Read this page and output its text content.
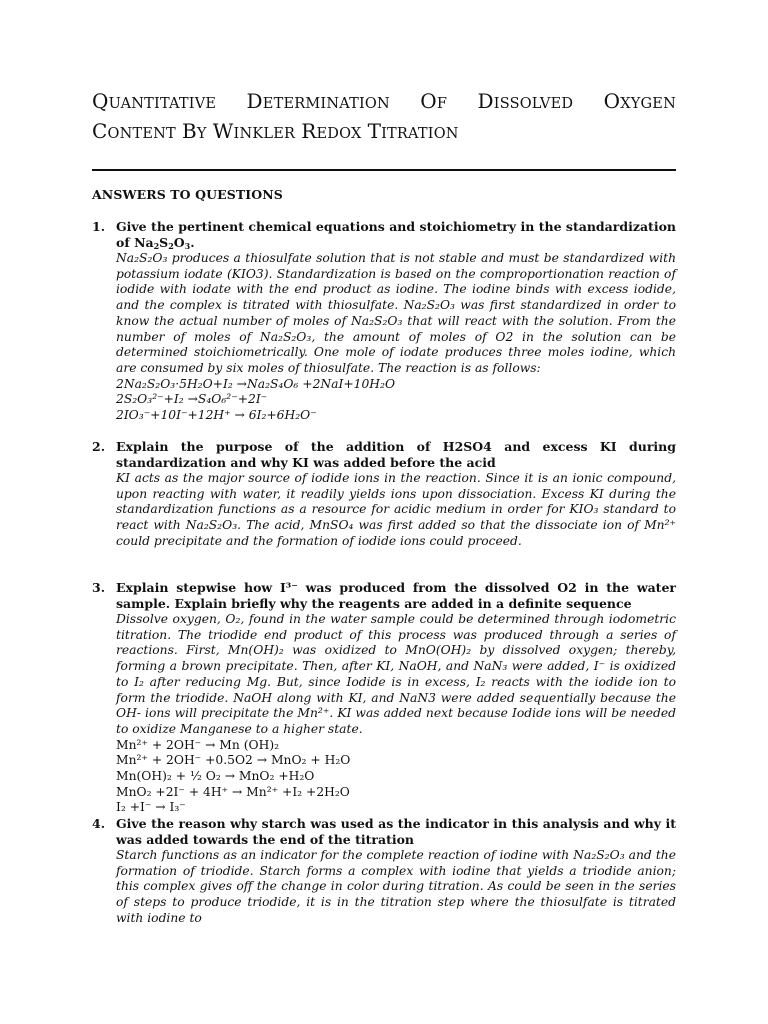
QUANTITATIVE DETERMINATION OF DISSOLVED OXYGEN
CONTENT BY WINKLER REDOX TITRATION
ANSWERS TO QUESTIONS
1. Give the pertinent chemical equations and stoichiometry in the standardization of $Na_2S_2O_3$.
Na₂S₂O₃ produces a thiosulfate solution that is not stable and must be standardized with potassium iodate (KIO3). Standardization is based on the comproportionation reaction of iodide with iodate with the end product as iodine. The iodine binds with excess iodide, and the complex is titrated with thiosulfate. Na₂S₂O₃ was first standardized in order to know the actual number of moles of Na₂S₂O₃ that will react with the solution. From the number of moles of Na₂S₂O₃, the amount of moles of O2 in the solution can be determined stoichiometrically. One mole of iodate produces three moles iodine, which are consumed by six moles of thiosulfate. The reaction is as follows:
2Na₂S₂O₃·5H₂O+I₂ →Na₂S₄O₆ +2NaI+10H₂O
2S₂O₃²⁻+I₂ →S₄O₆²⁻+2I⁻
2IO₃⁻+10I⁻+12H⁺ → 6I₂+6H₂O⁻
2. Explain the purpose of the addition of H2SO4 and excess KI during standardization and why KI was added before the acid
KI acts as the major source of iodide ions in the reaction. Since it is an ionic compound, upon reacting with water, it readily yields ions upon dissociation. Excess KI during the standardization functions as a resource for acidic medium in order for KIO₃ standard to react with Na₂S₂O₃. The acid, MnSO₄ was first added so that the dissociate ion of Mn²⁺ could precipitate and the formation of iodide ions could proceed.
3. Explain stepwise how I³⁻ was produced from the dissolved O2 in the water sample. Explain briefly why the reagents are added in a definite sequence
Dissolve oxygen, O₂, found in the water sample could be determined through iodometric titration. The triodide end product of this process was produced through a series of reactions. First, Mn(OH)₂ was oxidized to MnO(OH)₂ by dissolved oxygen; thereby, forming a brown precipitate. Then, after KI, NaOH, and NaN₃ were added, I⁻ is oxidized to I₂ after reducing Mg. But, since Iodide is in excess, I₂ reacts with the iodide ion to form the triodide. NaOH along with KI, and NaN3 were added sequentially because the OH- ions will precipitate the Mn²⁺. KI was added next because Iodide ions will be needed to oxidize Manganese to a higher state.
Mn²⁺ + 2OH⁻ → Mn (OH)₂
Mn²⁺ + 2OH⁻ +0.5O2 → MnO₂ + H₂O
Mn(OH)₂ + ½ O₂ → MnO₂ +H₂O
MnO₂ +2I⁻ + 4H⁺ → Mn²⁺ +I₂ +2H₂O
I₂ +I⁻ → I₃⁻
4. Give the reason why starch was used as the indicator in this analysis and why it was added towards the end of the titration
Starch functions as an indicator for the complete reaction of iodine with Na₂S₂O₃ and the formation of triodide. Starch forms a complex with iodine that yields a triodide anion; this complex gives off the change in color during titration. As could be seen in the series of steps to produce triodide, it is in the titration step where the thiosulfate is titrated with iodine to
